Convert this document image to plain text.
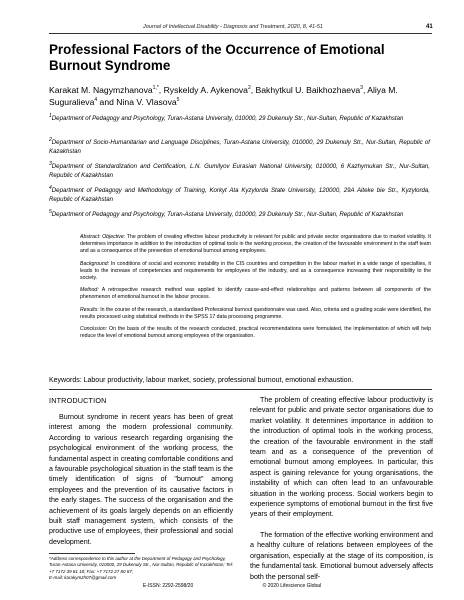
Journal of Intellectual Disability - Diagnosis and Treatment, 2020, 8, 41-51	41
Professional Factors of the Occurrence of Emotional Burnout Syndrome
Karakat M. Nagymzhanova$^{1,*}$, Ryskeldy A. Aykenova$^2$, Bakhytkul U. Baikhozhaeva$^3$, Aliya M. Suguralieva$^4$ and Nina V. Vlasova$^5$
$^1$Department of Pedagogy and Psychology, Turan-Astana University, 010000, 29 Dukenuly Str., Nur-Sultan, Republic of Kazakhstan
$^2$Department of Socio-Humanitarian and Language Disciplines, Turan-Astana University, 010000, 29 Dukenuly Str., Nur-Sultan, Republic of Kazakhstan
$^3$Department of Standardization and Certification, L.N. Gumilyov Eurasian National University, 010000, 6 Kazhymukan Str., Nur-Sultan, Republic of Kazakhstan
$^4$Department of Pedagogy and Methodology of Training, Korkyt Ata Kyzylorda State University, 120000, 29A Aiteke bie Str., Kyzylorda, Republic of Kazakhstan
$^5$Department of Pedagogy and Psychology, Turan-Astana University, 010000, 29 Dukenuly Str., Nur-Sultan, Republic of Kazakhstan

Abstract: Objective: The problem of creating effective labour productivity is relevant for public and private sector organisations due to market volatility. It determines importance in addition to the introduction of optimal tools in the working process, the creation of the favourable environment in the staff team and as a consequence of the prevention of emotional burnout among employees.

Background: In conditions of social and economic instability in the CIS countries and competition in the labour market in a wide range of specialties, it leads to the increase of competencies and requirements for employees of the industry, and as a consequence increasing their responsibility to the society.

Method: A retrospective research method was applied to identify cause-and-effect relationships and patterns between all components of the phenomenon of emotional burnout in the labour process.

Results: In the course of the research, a standardised Professional burnout questionnaire was used. Also, criteria and a grading scale were identified, the results processed using statistical methods in the SPSS 17 data processing programme.

Conclusion: On the basis of the results of the research conducted, practical recommendations were formulated, the implementation of which will help reduce the level of emotional burnout among employees of the organisation.

Keywords: Labour productivity, labour market, society, professional burnout, emotional exhaustion.
INTRODUCTION

Burnout syndrome in recent years has been of great interest among the modern professional community. According to various research regarding organising the psychological environment of the working process, the fundamental aspect in creating comfortable conditions and a favourable psychological situation in the staff team is the timely identification of signs of "burnout" among employees and the prevention of its causative factors in the early stages. The success of the organisation and the achievement of its goals largely depends on an efficiently built staff management system, which consists of the productive use of employees, their professional and social development.

The problem of creating effective labour productivity is relevant for public and private sector organisations due to market volatility. It determines importance in addition to the introduction of optimal tools in the working process, the creation of the favourable environment in the staff team and as a consequence of the prevention of emotional burnout among employees. In particular, this aspect is gaining relevance for young organisations, the instability of which can often lead to an unfavourable situation in the working process. Social workers begin to experience symptoms of emotional burnout in the first five years of their employment.

The formation of the effective working environment and a healthy culture of relations between employees of the organisation, especially at the stage of its composition, is the fundamental task. Emotional burnout adversely affects both the personal self-

*Address correspondence to this author at the Department of Pedagogy and Psychology, Turan-Astana University, 010000, 29 Dukenuly Str., Nur-Sultan, Republic of Kazakhstan; Tel: +7 7172 39 81 18; Fax: +7 7172 27 80 87;
E-mail: karakymzh07@gmail.com
E-ISSN: 2292-2598/20	© 2020 Lifescience Global
